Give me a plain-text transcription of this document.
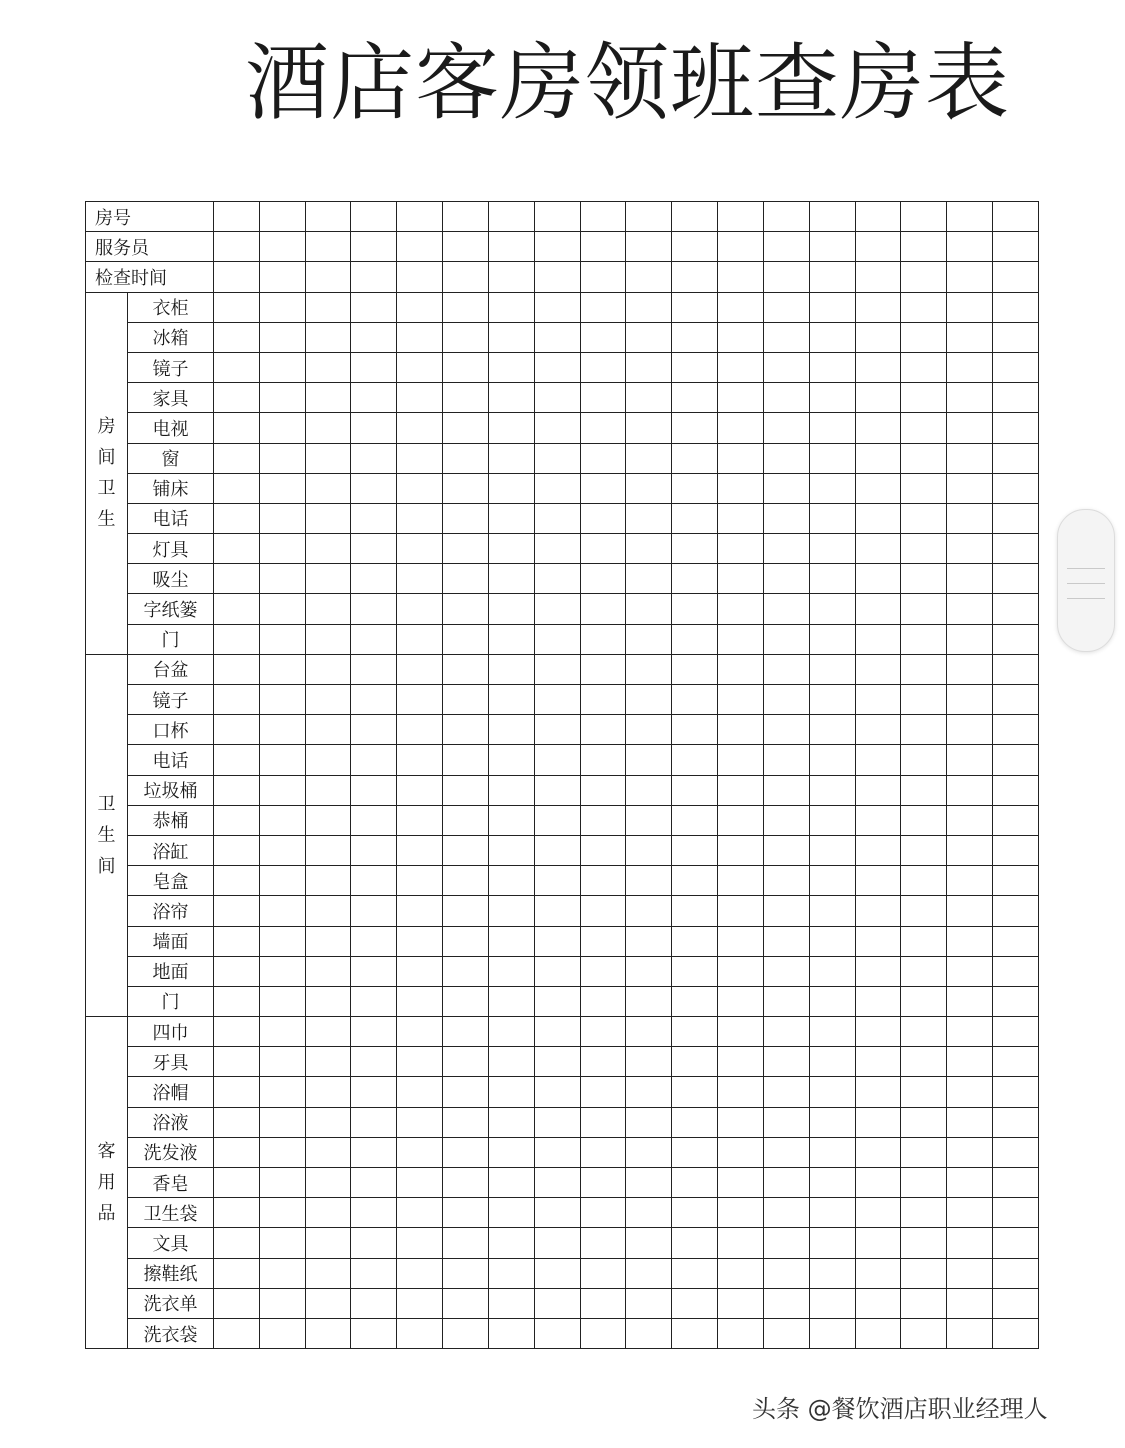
酒店客房领班查房表
房号																			
服务员																			
检查时间																			
房间卫生	衣柜																		
	冰箱																		
	镜子																		
	家具																		
	电视																		
	窗																		
	铺床																		
	电话																		
	灯具																		
	吸尘																		
	字纸篓																		
	门																		
卫生间	台盆																		
	镜子																		
	口杯																		
	电话																		
	垃圾桶																		
	恭桶																		
	浴缸																		
	皂盒																		
	浴帘																		
	墙面																		
	地面																		
	门																		
客用品	四巾																		
	牙具																		
	浴帽																		
	浴液																		
	洗发液																		
	香皂																		
	卫生袋																		
	文具																		
	擦鞋纸																		
	洗衣单																		
	洗衣袋																		

头条 @餐饮酒店职业经理人
